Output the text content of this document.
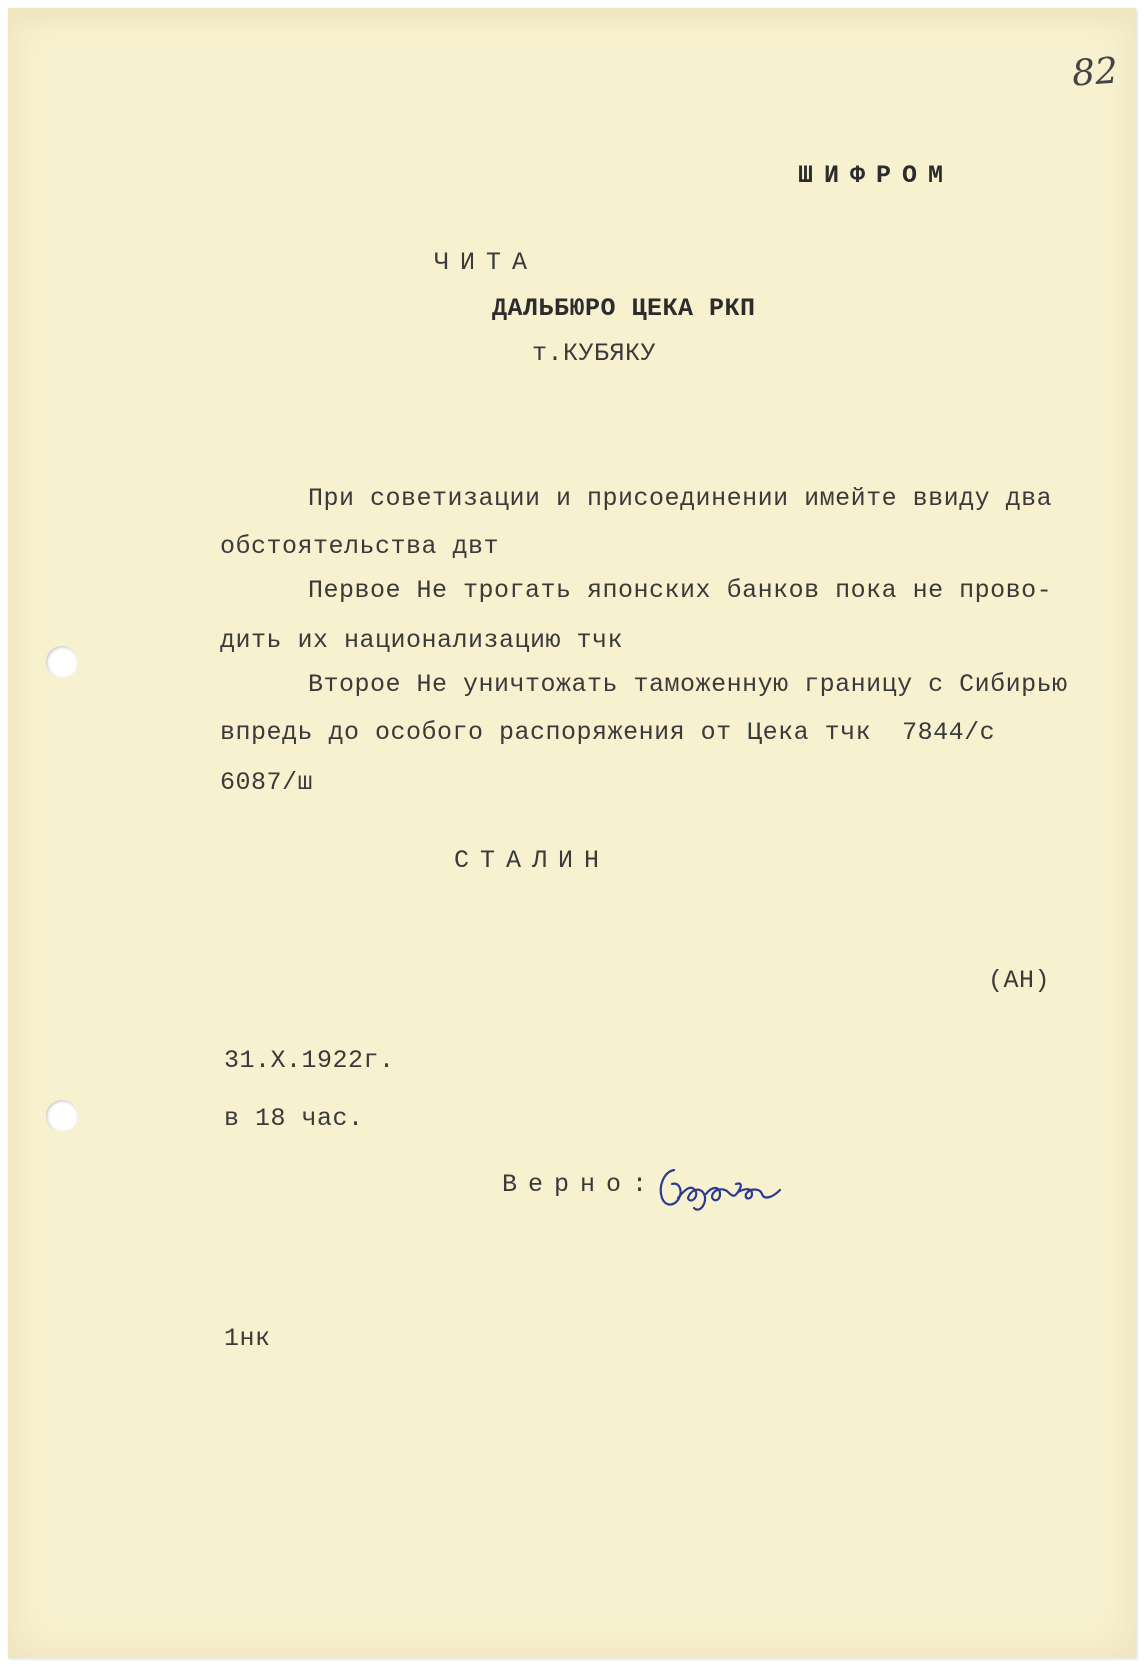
82
ШИФРОМ
ЧИТА
ДАЛЬБЮРО ЦЕКА РКП
т.КУБЯКУ
При советизации и присоединении имейте ввиду два
обстоятельства двт
Первое Не трогать японских банков пока не прово-
дить их национализацию тчк
Второе Не уничтожать таможенную границу с Сибирью
впредь до особого распоряжения от Цека тчк  7844/с
6087/ш
СТАЛИН
(АН)
31.Х.1922г.
в 18 час.
Верно:
1нк
